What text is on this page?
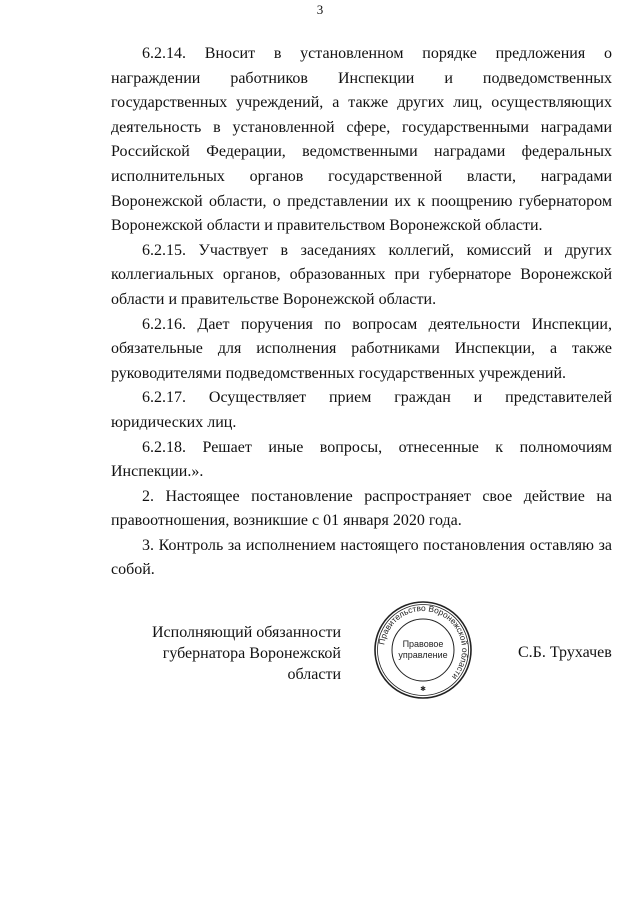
3

6.2.14. Вносит в установленном порядке предложения о награждении работников Инспекции и подведомственных государственных учреждений, а также других лиц, осуществляющих деятельность в установленной сфере, государственными наградами Российской Федерации, ведомственными наградами федеральных исполнительных органов государственной власти, наградами Воронежской области, о представлении их к поощрению губернатором Воронежской области и правительством Воронежской области.

6.2.15. Участвует в заседаниях коллегий, комиссий и других коллегиальных органов, образованных при губернаторе Воронежской области и правительстве Воронежской области.

6.2.16. Дает поручения по вопросам деятельности Инспекции, обязательные для исполнения работниками Инспекции, а также руководителями подведомственных государственных учреждений.

6.2.17. Осуществляет прием граждан и представителей юридических лиц.

6.2.18. Решает иные вопросы, отнесенные к полномочиям Инспекции.».

2. Настоящее постановление распространяет свое действие на правоотношения, возникшие с 01 января 2020 года.

3. Контроль за исполнением настоящего постановления оставляю за собой.

Исполняющий обязанности
губернатора Воронежской области
Правительство Воронежской области
Правовое
управление
✱
С.Б. Трухачев
